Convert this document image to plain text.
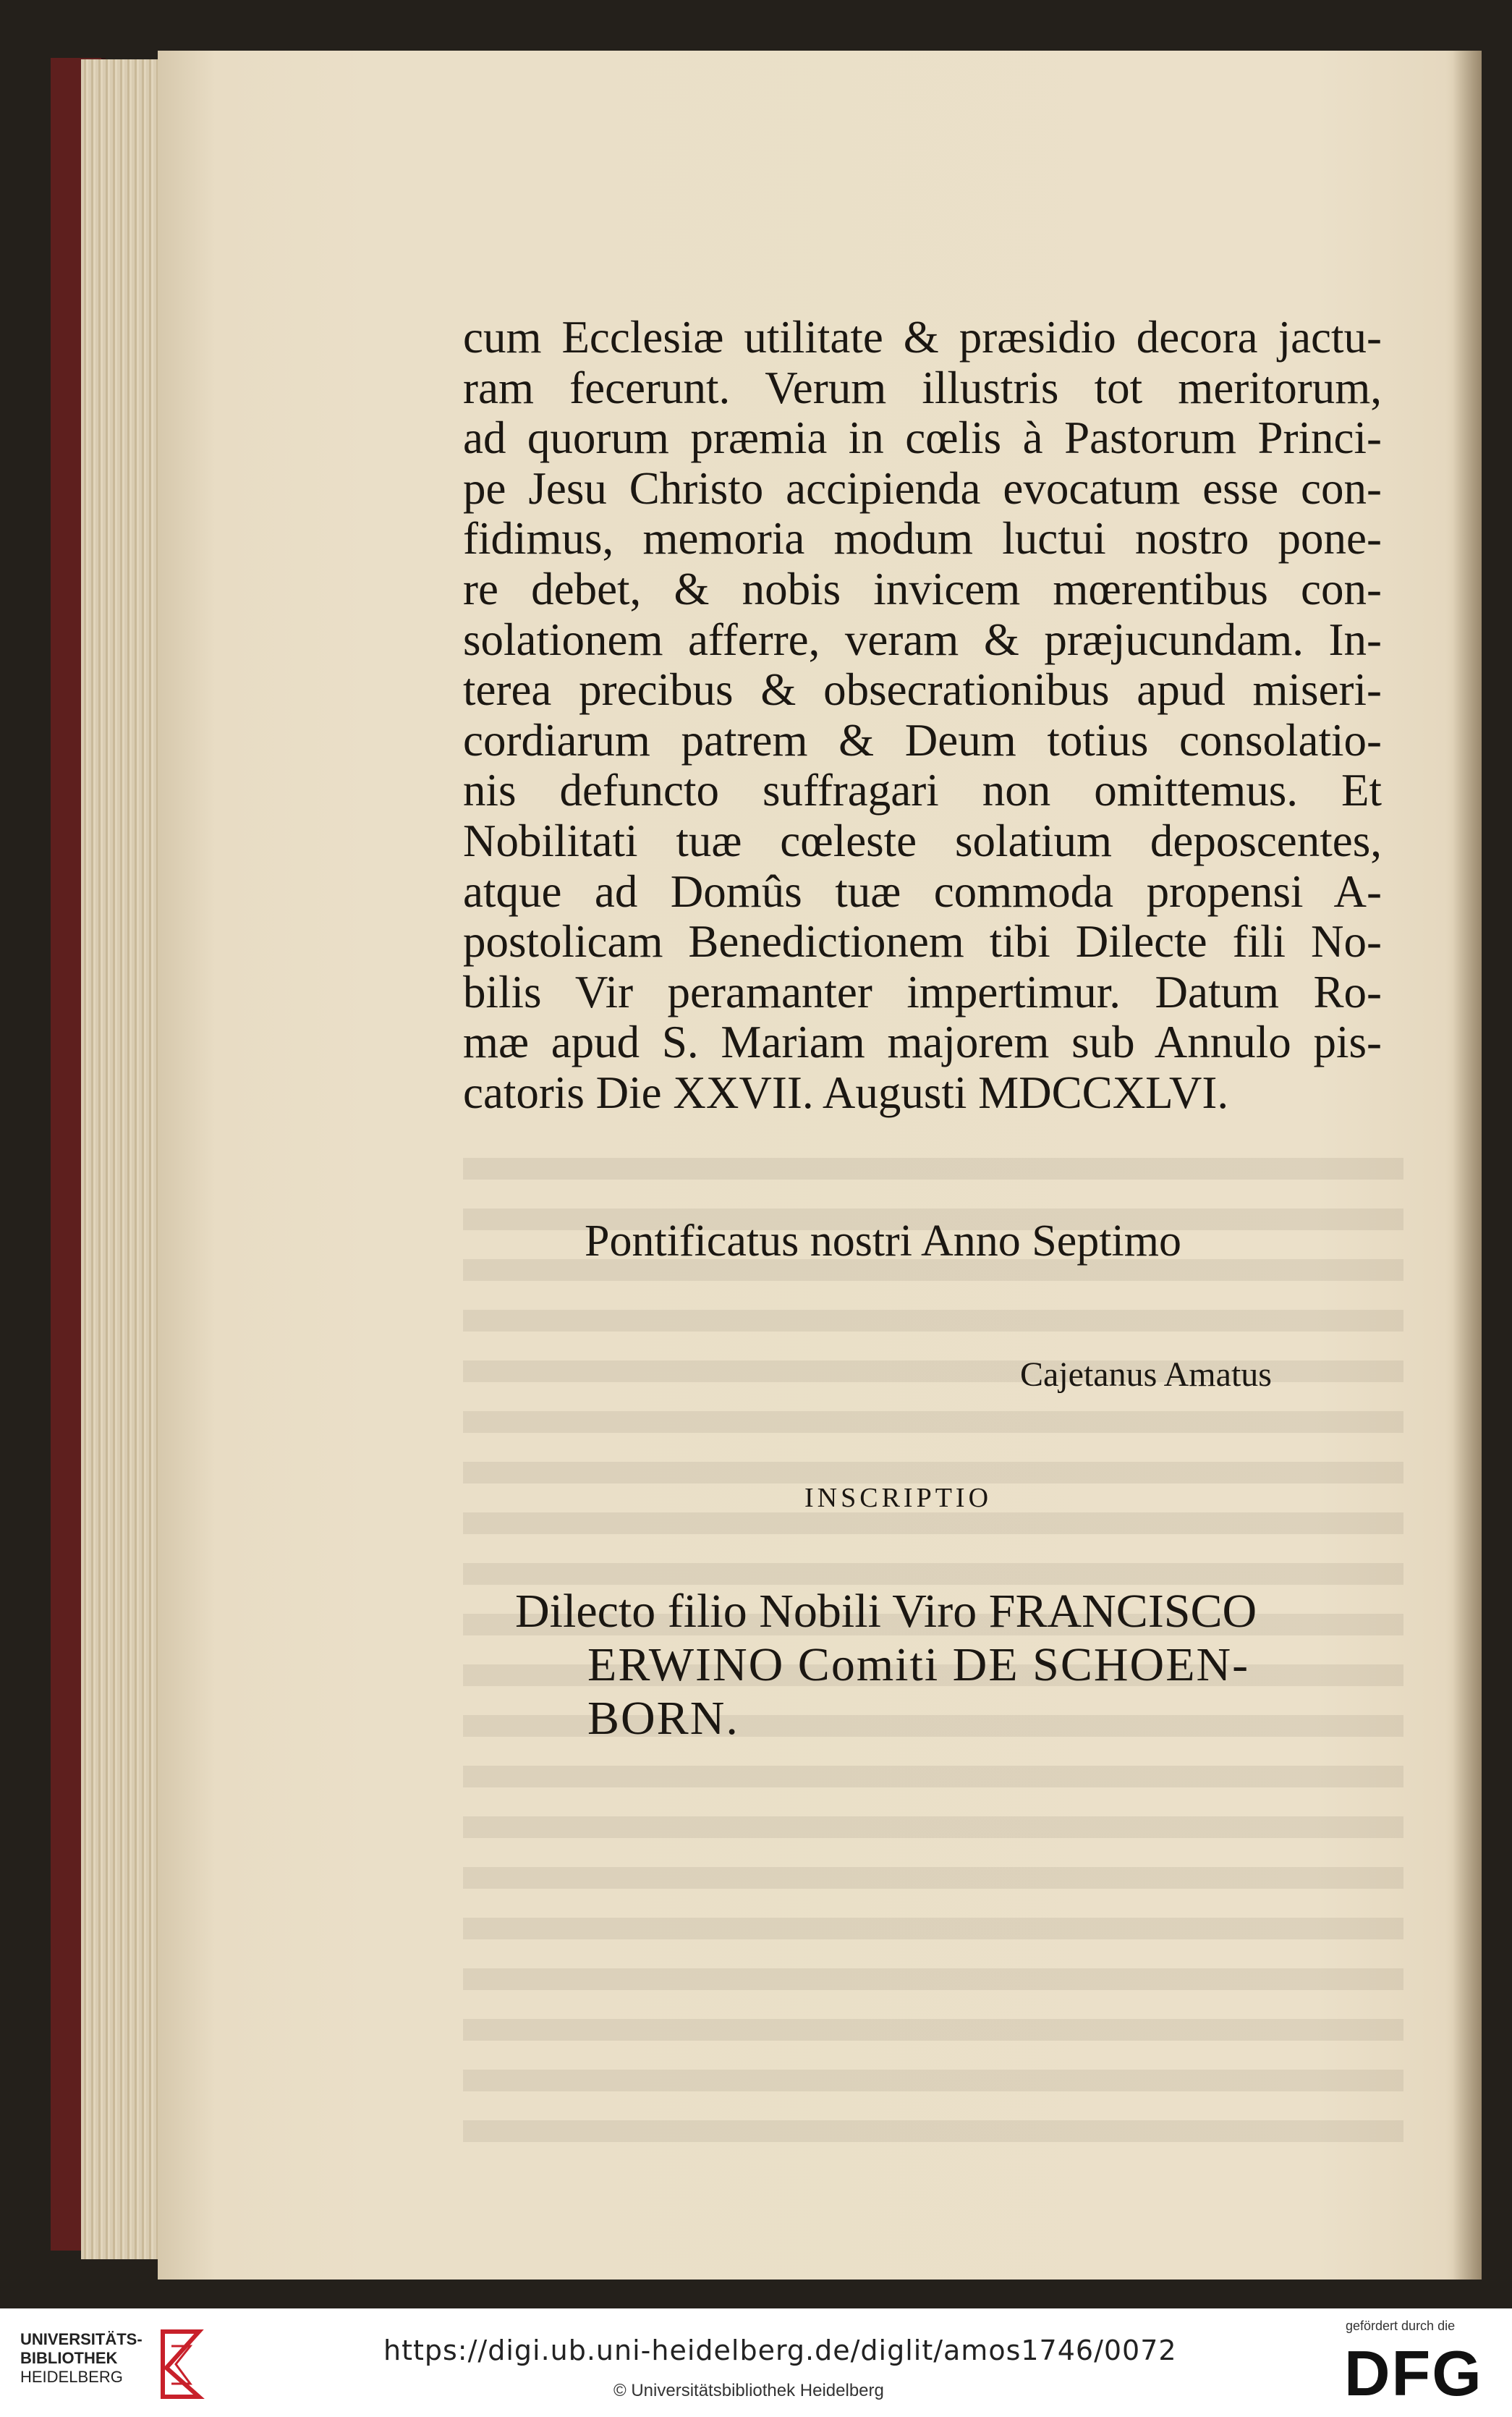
cum Ecclesiæ utilitate & præsidio decora jactu-
ram fecerunt. Verum illustris tot meritorum,
ad quorum præmia in cœlis à Pastorum Princi-
pe Jesu Christo accipienda evocatum esse con-
fidimus, memoria modum luctui nostro pone-
re debet, & nobis invicem mœrentibus con-
solationem afferre, veram & præjucundam. In-
terea precibus & obsecrationibus apud miseri-
cordiarum patrem & Deum totius consolatio-
nis defuncto suffragari non omittemus. Et
Nobilitati tuæ cœleste solatium deposcentes,
atque ad Domûs tuæ commoda propensi A-
postolicam Benedictionem tibi Dilecte fili No-
bilis Vir peramanter impertimur. Datum Ro-
mæ apud S. Mariam majorem sub Annulo pis-
catoris Die XXVII. Augusti MDCCXLVI.
Pontificatus nostri Anno Septimo
Cajetanus Amatus
INSCRIPTIO
Dilecto filio Nobili Viro FRANCISCO
ERWINO Comiti DE SCHOEN-
BORN.
UNIVERSITÄTS-
BIBLIOTHEK
HEIDELBERG
https://digi.ub.uni-heidelberg.de/diglit/amos1746/0072
© Universitätsbibliothek Heidelberg
gefördert durch die
DFG
